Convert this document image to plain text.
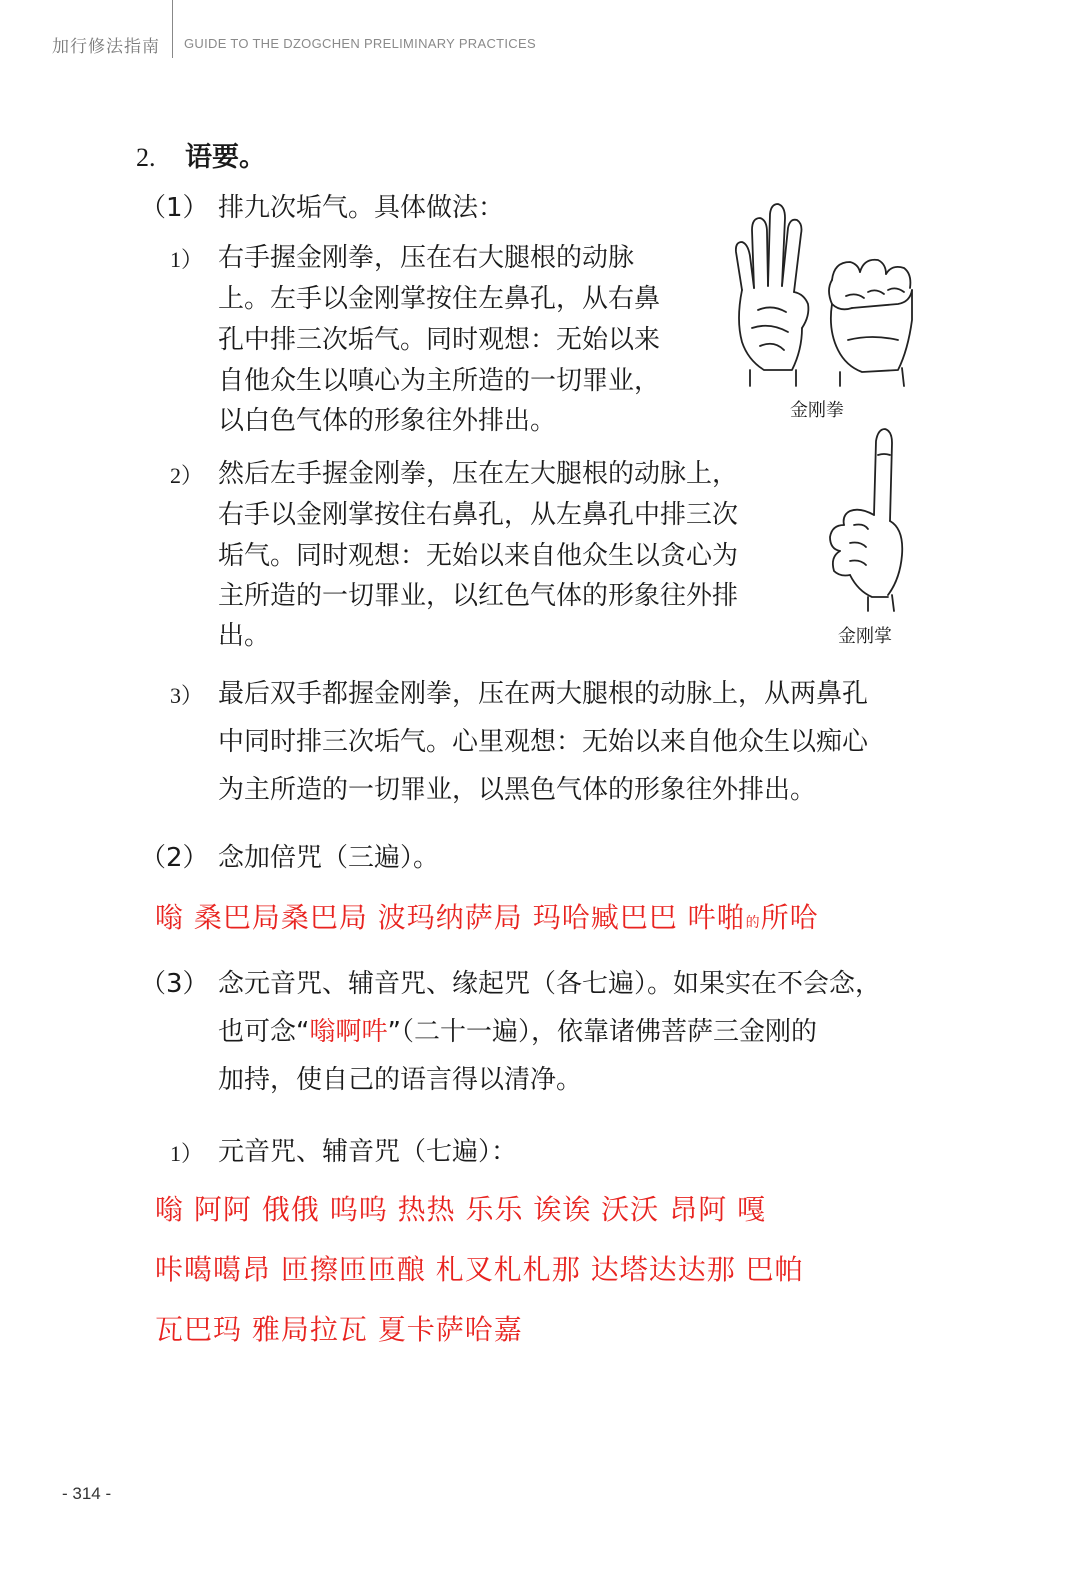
加行修法指南 GUIDE TO THE DZOGCHEN PRELIMINARY PRACTICES
2. 语要。
（1） 排九次垢气。具体做法：
1） 右手握金刚拳，压在右大腿根的动脉
上。左手以金刚掌按住左鼻孔，从右鼻
孔中排三次垢气。同时观想：无始以来
自他众生以嗔心为主所造的一切罪业，
以白色气体的形象往外排出。	金刚拳
2） 然后左手握金刚拳，压在左大腿根的动脉上，
右手以金刚掌按住右鼻孔，从左鼻孔中排三次
垢气。同时观想：无始以来自他众生以贪心为
主所造的一切罪业，以红色气体的形象往外排
出。	金刚掌
3） 最后双手都握金刚拳，压在两大腿根的动脉上，从两鼻孔
中同时排三次垢气。心里观想：无始以来自他众生以痴心
为主所造的一切罪业，以黑色气体的形象往外排出。
（2） 念加倍咒（三遍）。
嗡 桑巴局桑巴局 波玛纳萨局 玛哈臧巴巴 吽啪的所哈
（3） 念元音咒、辅音咒、缘起咒（各七遍）。如果实在不会念，
也可念“嗡啊吽”（二十一遍），依靠诸佛菩萨三金刚的
加持，使自己的语言得以清净。
1） 元音咒、辅音咒（七遍）：
嗡 阿阿 俄俄 呜呜 热热 乐乐 诶诶 沃沃 昂阿 嘎
咔噶噶昂 匝擦匝匝酿 札叉札札那 达塔达达那 巴帕
瓦巴玛 雅局拉瓦 夏卡萨哈嘉
- 314 -
